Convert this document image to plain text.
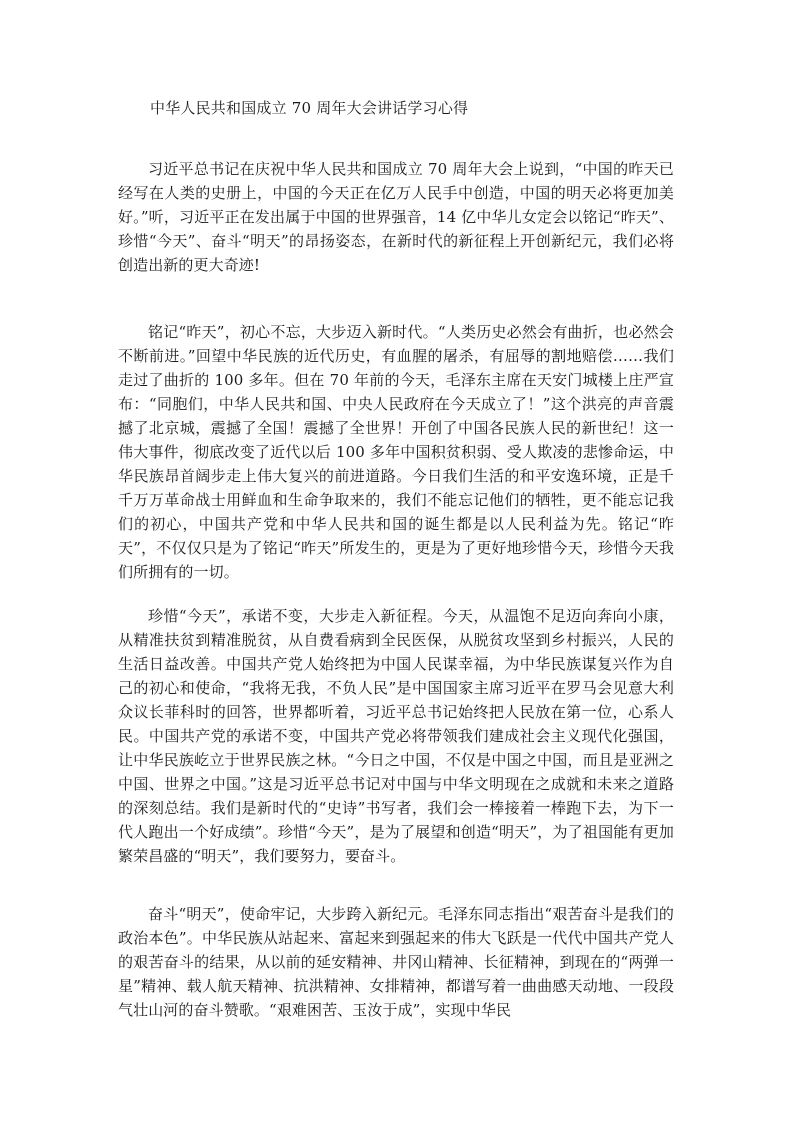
中华人民共和国成立 70 周年大会讲话学习心得

习近平总书记在庆祝中华人民共和国成立 70 周年大会上说到，“中国的昨天已经写在人类的史册上，中国的今天正在亿万人民手中创造，中国的明天必将更加美好。”听，习近平正在发出属于中国的世界强音，14 亿中华儿女定会以铭记“昨天”、珍惜“今天”、奋斗“明天”的昂扬姿态，在新时代的新征程上开创新纪元，我们必将创造出新的更大奇迹!

铭记“昨天”，初心不忘，大步迈入新时代。“人类历史必然会有曲折，也必然会不断前进。”回望中华民族的近代历史，有血腥的屠杀，有屈辱的割地赔偿……我们走过了曲折的 100 多年。但在 70 年前的今天，毛泽东主席在天安门城楼上庄严宣布：“同胞们，中华人民共和国、中央人民政府在今天成立了！”这个洪亮的声音震撼了北京城，震撼了全国！震撼了全世界！开创了中国各民族人民的新世纪！这一伟大事件，彻底改变了近代以后 100 多年中国积贫积弱、受人欺凌的悲惨命运，中华民族昂首阔步走上伟大复兴的前进道路。今日我们生活的和平安逸环境，正是千千万万革命战士用鲜血和生命争取来的，我们不能忘记他们的牺牲，更不能忘记我们的初心，中国共产党和中华人民共和国的诞生都是以人民利益为先。铭记“昨天”，不仅仅只是为了铭记“昨天”所发生的，更是为了更好地珍惜今天，珍惜今天我们所拥有的一切。

珍惜“今天”，承诺不变，大步走入新征程。今天，从温饱不足迈向奔向小康，从精准扶贫到精准脱贫，从自费看病到全民医保，从脱贫攻坚到乡村振兴，人民的生活日益改善。中国共产党人始终把为中国人民谋幸福，为中华民族谋复兴作为自己的初心和使命，“我将无我，不负人民”是中国国家主席习近平在罗马会见意大利众议长菲科时的回答，世界都听着，习近平总书记始终把人民放在第一位，心系人民。中国共产党的承诺不变，中国共产党必将带领我们建成社会主义现代化强国，让中华民族屹立于世界民族之林。“今日之中国，不仅是中国之中国，而且是亚洲之中国、世界之中国。”这是习近平总书记对中国与中华文明现在之成就和未来之道路的深刻总结。我们是新时代的“史诗”书写者，我们会一棒接着一棒跑下去，为下一代人跑出一个好成绩”。珍惜“今天”，是为了展望和创造“明天”，为了祖国能有更加繁荣昌盛的“明天”，我们要努力，要奋斗。

奋斗“明天”，使命牢记，大步跨入新纪元。毛泽东同志指出“艰苦奋斗是我们的政治本色”。中华民族从站起来、富起来到强起来的伟大飞跃是一代代中国共产党人的艰苦奋斗的结果，从以前的延安精神、井冈山精神、长征精神，到现在的“两弹一星”精神、载人航天精神、抗洪精神、女排精神，都谱写着一曲曲感天动地、一段段气壮山河的奋斗赞歌。“艰难困苦、玉汝于成”，实现中华民
